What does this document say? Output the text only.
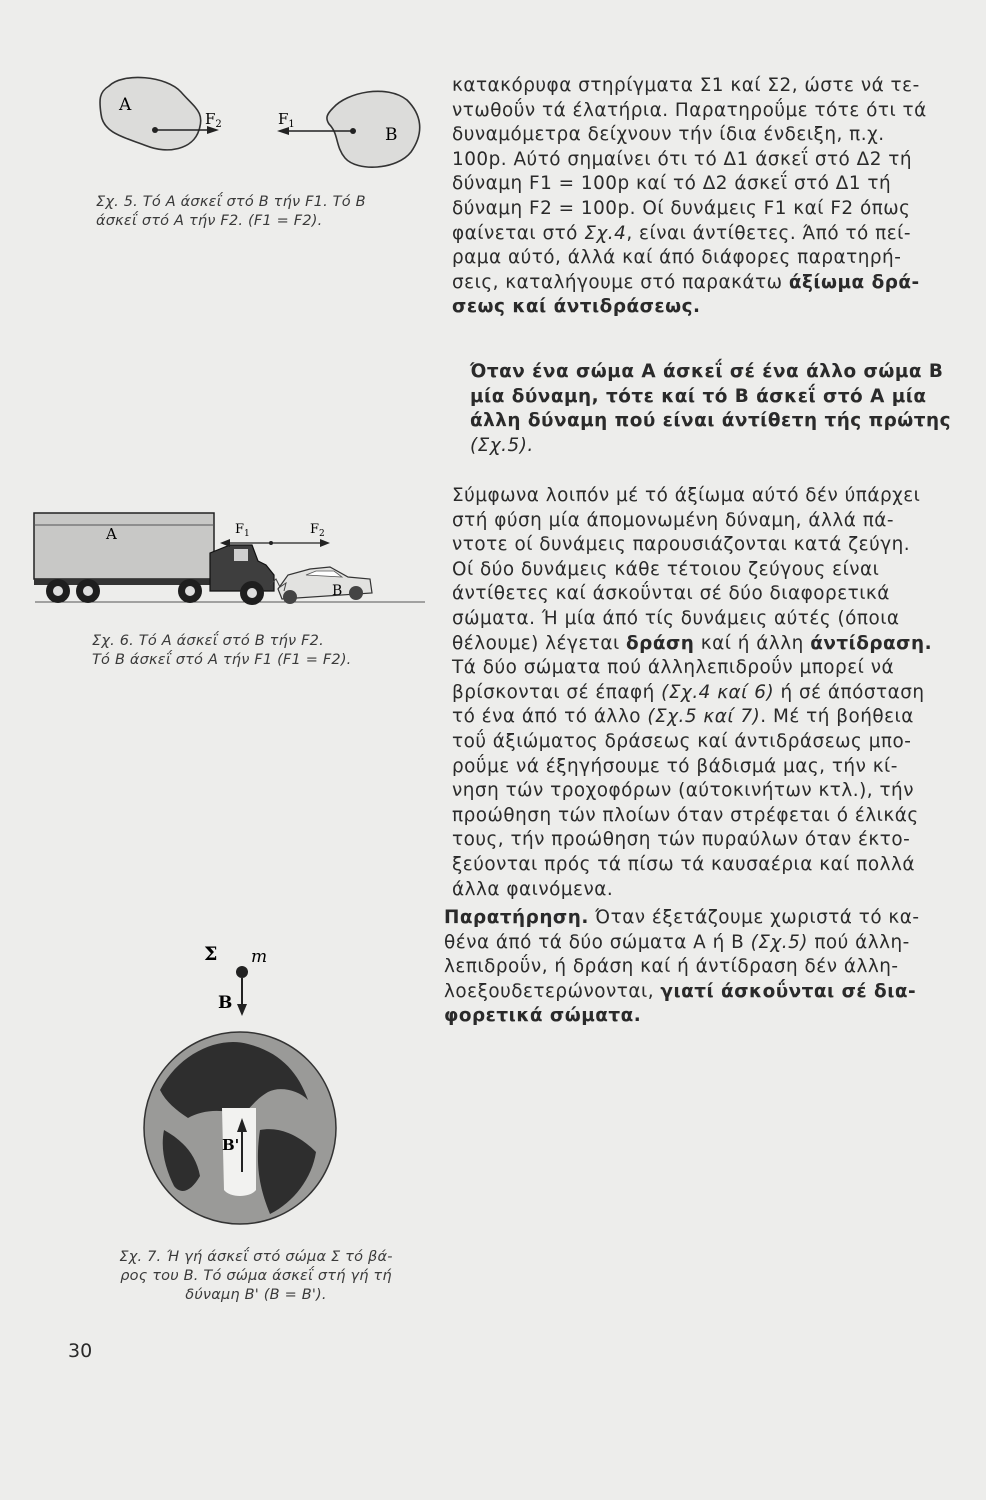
A
B
$F_2$	$F_1$
Σχ. 5. Τό Α άσκεΐ στό Β τήν F1. Τό Β
άσκεΐ στό Α τήν F2. (F1 = F2).
A
B
$F_1$	$F_2$
Σχ. 6. Τό Α άσκεΐ στό Β τήν F2.
Τό Β άσκεΐ στό Α τήν F1 (F1 = F2).
Σ m
B
B'
Σχ. 7. Ή γή άσκεΐ στό σώμα Σ τό βά-
ρος του Β. Τό σώμα άσκεΐ στή γή τή
δύναμη Β' (Β = Β').
30
κατακόρυφα στηρίγματα Σ1 καί Σ2, ώστε νά τε-
ντωθοΰν τά έλατήρια. Παρατηροΰμε τότε ότι τά
δυναμόμετρα δείχνουν τήν ίδια ένδειξη, π.χ.
100p. Αύτό σημαίνει ότι τό Δ1 άσκεΐ στό Δ2 τή
δύναμη F1 = 100p καί τό Δ2 άσκεΐ στό Δ1 τή
δύναμη F2 = 100p. Οί δυνάμεις F1 καί F2 όπως
φαίνεται στό Σχ.4, είναι άντίθετες. Άπό τό πεί-
ραμα αύτό, άλλά καί άπό διάφορες παρατηρή-
σεις, καταλήγουμε στό παρακάτω άξίωμα δρά-
σεως καί άντιδράσεως.
Όταν ένα σώμα Α άσκεΐ σέ ένα άλλο σώμα Β
μία δύναμη, τότε καί τό Β άσκεΐ στό Α μία
άλλη δύναμη πού είναι άντίθετη τής πρώτης
(Σχ.5).
Σύμφωνα λοιπόν μέ τό άξίωμα αύτό δέν ύπάρχει
στή φύση μία άπομονωμένη δύναμη, άλλά πά-
ντοτε οί δυνάμεις παρουσιάζονται κατά ζεύγη.
Οί δύο δυνάμεις κάθε τέτοιου ζεύγους είναι
άντίθετες καί άσκοΰνται σέ δύο διαφορετικά
σώματα. Ή μία άπό τίς δυνάμεις αύτές (όποια
θέλουμε) λέγεται δράση καί ή άλλη άντίδραση.
Τά δύο σώματα πού άλληλεπιδροΰν μπορεί νά
βρίσκονται σέ έπαφή (Σχ.4 καί 6) ή σέ άπόσταση
τό ένα άπό τό άλλο (Σχ.5 καί 7). Μέ τή βοήθεια
τοΰ άξιώματος δράσεως καί άντιδράσεως μπο-
ροΰμε νά έξηγήσουμε τό βάδισμά μας, τήν κί-
νηση τών τροχοφόρων (αύτοκινήτων κτλ.), τήν
προώθηση τών πλοίων όταν στρέφεται ό έλικάς
τους, τήν προώθηση τών πυραύλων όταν έκτο-
ξεύονται πρός τά πίσω τά καυσαέρια καί πολλά
άλλα φαινόμενα.
Παρατήρηση. Όταν έξετάζουμε χωριστά τό κα-
θένα άπό τά δύο σώματα Α ή Β (Σχ.5) πού άλλη-
λεπιδροΰν, ή δράση καί ή άντίδραση δέν άλλη-
λοεξουδετερώνονται, γιατί άσκοΰνται σέ δια-
φορετικά σώματα.
